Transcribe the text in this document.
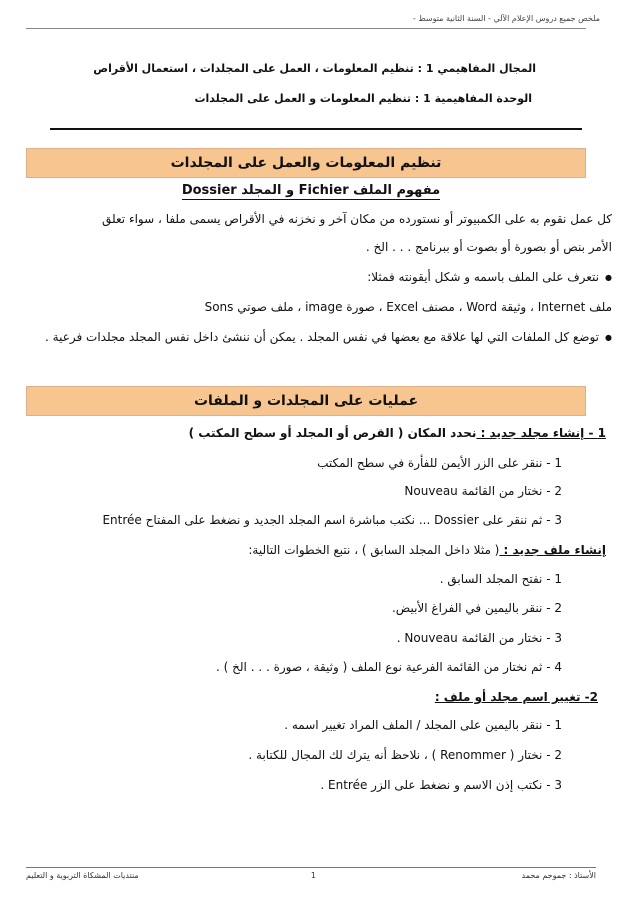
ملخص جميع دروس الإعلام الآلي - السنة الثانية متوسط -
المجال المفاهيمي 1 : تنظيم المعلومات ، العمل على المجلدات ، استعمال الأقراص
الوحدة المفاهيمية 1 : تنظيم المعلومات و العمل على المجلدات
تنظيم المعلومات والعمل على المجلدات
مفهوم الملف Fichier و المجلد Dossier
كل عمل نقوم به على الكمبيوتر أو نستورده من مكان آخر و نخزنه في الأقراص يسمى ملفا ، سواء تعلق
الأمر بنص أو بصورة أو بصوت أو ببرنامج . . . الخ .
● نتعرف على الملف باسمه و شكل أيقونته فمثلا:
ملف Internet ، وثيقة Word ، مصنف Excel ، صورة image ، ملف صوتي Sons
● توضع كل الملفات التي لها علاقة مع بعضها في نفس المجلد . يمكن أن ننشئ داخل نفس المجلد مجلدات فرعية .
عمليات على المجلدات و الملفات
1 - إنشاء مجلد جديد : نحدد المكان ( القرص أو المجلد أو سطح المكتب )
1 - ننقر على الزر الأيمن للفأرة في سطح المكتب
2 - نختار من القائمة Nouveau
3 - ثم ننقر على Dossier ... نكتب مباشرة اسم المجلد الجديد و نضغط على المفتاح Entrée
إنشاء ملف جديد : ( مثلا داخل المجلد السابق ) ، نتبع الخطوات التالية:
1 - نفتح المجلد السابق .
2 - ننقر باليمين في الفراغ الأبيض.
3 - نختار من القائمة Nouveau .
4 - ثم نختار من القائمة الفرعية نوع الملف ( وثيقة ، صورة . . . الخ ) .
2- تغيير اسم مجلد أو ملف :
1 - ننقر باليمين على المجلد / الملف المراد تغيير اسمه .
2 - نختار ( Renommer ) ، نلاحظ أنه يترك لك المجال للكتابة .
3 - نكتب إذن الاسم و نضغط على الزر Entrée .
الأستاذ : جموجم محمد
1
منتديات المشكاة التربوية و التعليم
